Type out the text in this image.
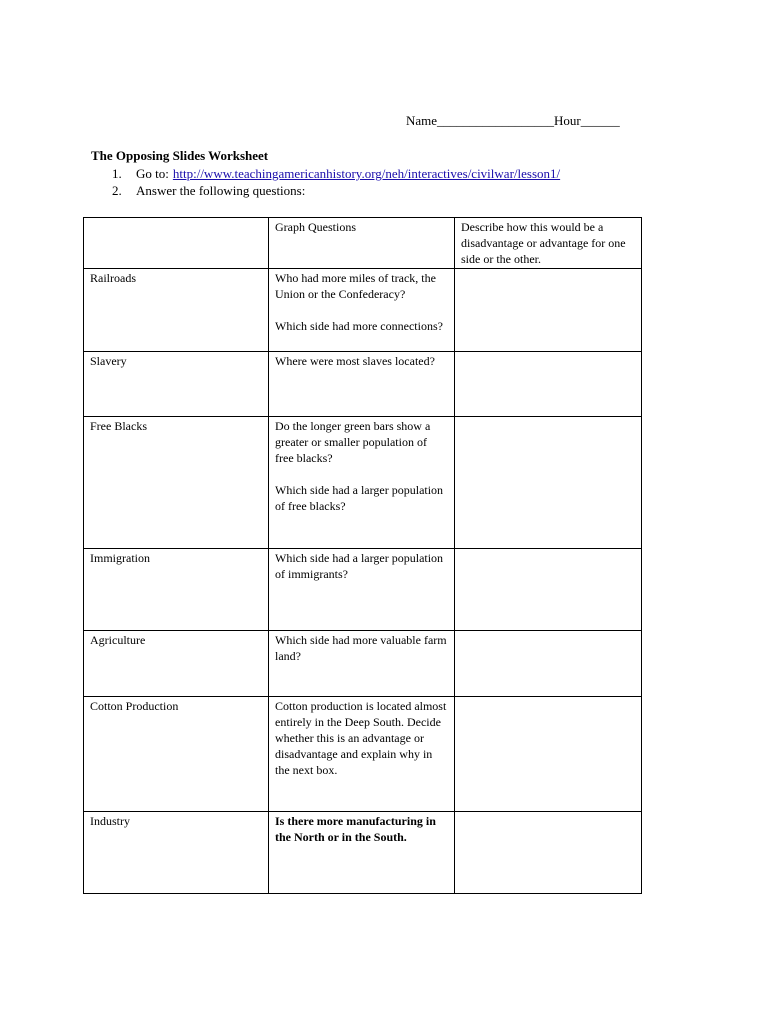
Name__________________Hour______
The Opposing Slides Worksheet
1. Go to: http://www.teachingamericanhistory.org/neh/interactives/civilwar/lesson1/
2. Answer the following questions:
	Graph Questions	Describe how this would be a disadvantage or advantage for one side or the other.
Railroads	Who had more miles of track, the Union or the Confederacy?

Which side had more connections?	

Slavery	Where were most slaves located?	

Free Blacks	Do the longer green bars show a greater or smaller population of free blacks?

Which side had a larger population of free blacks?	

Immigration	Which side had a larger population of immigrants?	

Agriculture	Which side had more valuable farm land?	

Cotton Production	Cotton production is located almost entirely in the Deep South. Decide whether this is an advantage or disadvantage and explain why in the next box.	

Industry	Is there more manufacturing in the North or in the South.	
